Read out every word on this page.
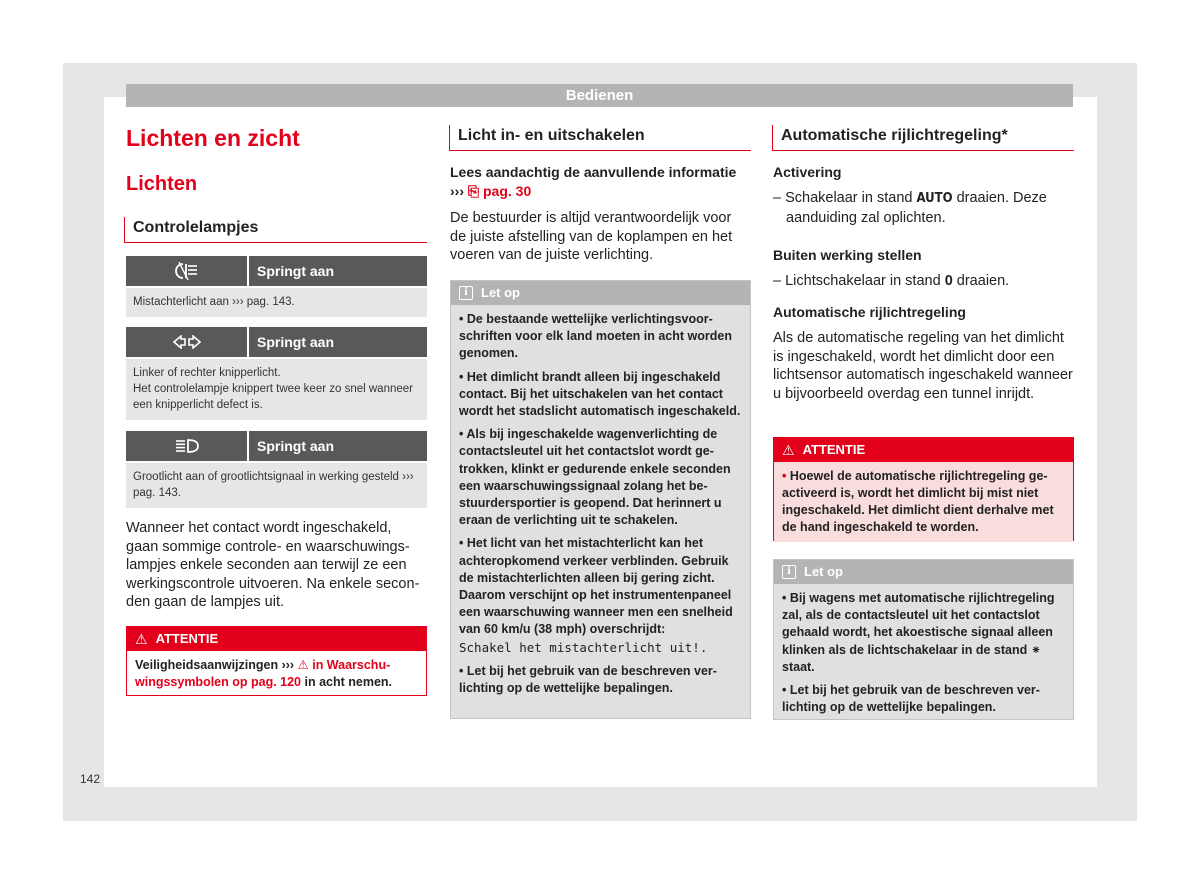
Bedienen
Lichten en zicht
Lichten
Controlelampjes
Springt aan
Mistachterlicht aan ››› pag. 143.
Springt aan
Linker of rechter knipperlicht.
Het controlelampje knippert twee keer zo snel wanneer een knipperlicht defect is.
Springt aan
Grootlicht aan of grootlichtsignaal in werking gesteld ››› pag. 143.
Wanneer het contact wordt ingeschakeld, gaan sommige controle- en waarschuwingslampjes enkele seconden aan terwijl ze een werkingscontrole uitvoeren. Na enkele seconden gaan de lampjes uit.
⚠ ATTENTIE
Veiligheidsaanwijzingen ››› ⚠ in Waarschuwingssymbolen op pag. 120 in acht nemen.
Licht in- en uitschakelen
Lees aandachtig de aanvullende informatie
››› ⎘ pag. 30
De bestuurder is altijd verantwoordelijk voor de juiste afstelling van de koplampen en het voeren van de juiste verlichting.
i	Let op

• De bestaande wettelijke verlichtingsvoorschriften voor elk land moeten in acht worden genomen.

• Het dimlicht brandt alleen bij ingeschakeld contact. Bij het uitschakelen van het contact wordt het stadslicht automatisch ingeschakeld.

• Als bij ingeschakelde wagenverlichting de contactsleutel uit het contactslot wordt getrokken, klinkt er gedurende enkele seconden een waarschuwingssignaal zolang het bestuurdersportier is geopend. Dat herinnert u eraan de verlichting uit te schakelen.

• Het licht van het mistachterlicht kan het achteropkomend verkeer verblinden. Gebruik de mistachterlichten alleen bij gering zicht. Daarom verschijnt op het instrumentenpaneel een waarschuwing wanneer men een snelheid van 60 km/u (38 mph) overschrijdt:
Schakel het mistachterlicht uit!.

• Let bij het gebruik van de beschreven verlichting op de wettelijke bepalingen.

Automatische rijlichtregeling*
Activering
– Schakelaar in stand AUTO draaien. Deze aanduiding zal oplichten.
Buiten werking stellen
– Lichtschakelaar in stand 0 draaien.
Automatische rijlichtregeling
Als de automatische regeling van het dimlicht is ingeschakeld, wordt het dimlicht door een lichtsensor automatisch ingeschakeld wanneer u bijvoorbeeld overdag een tunnel inrijdt.
⚠ ATTENTIE
• Hoewel de automatische rijlichtregeling geactiveerd is, wordt het dimlicht bij mist niet ingeschakeld. Het dimlicht dient derhalve met de hand ingeschakeld te worden.
i	Let op

• Bij wagens met automatische rijlichtregeling zal, als de contactsleutel uit het contactslot gehaald wordt, het akoestische signaal alleen klinken als de lichtschakelaar in de stand ⁕ staat.

• Let bij het gebruik van de beschreven verlichting op de wettelijke bepalingen.

142
